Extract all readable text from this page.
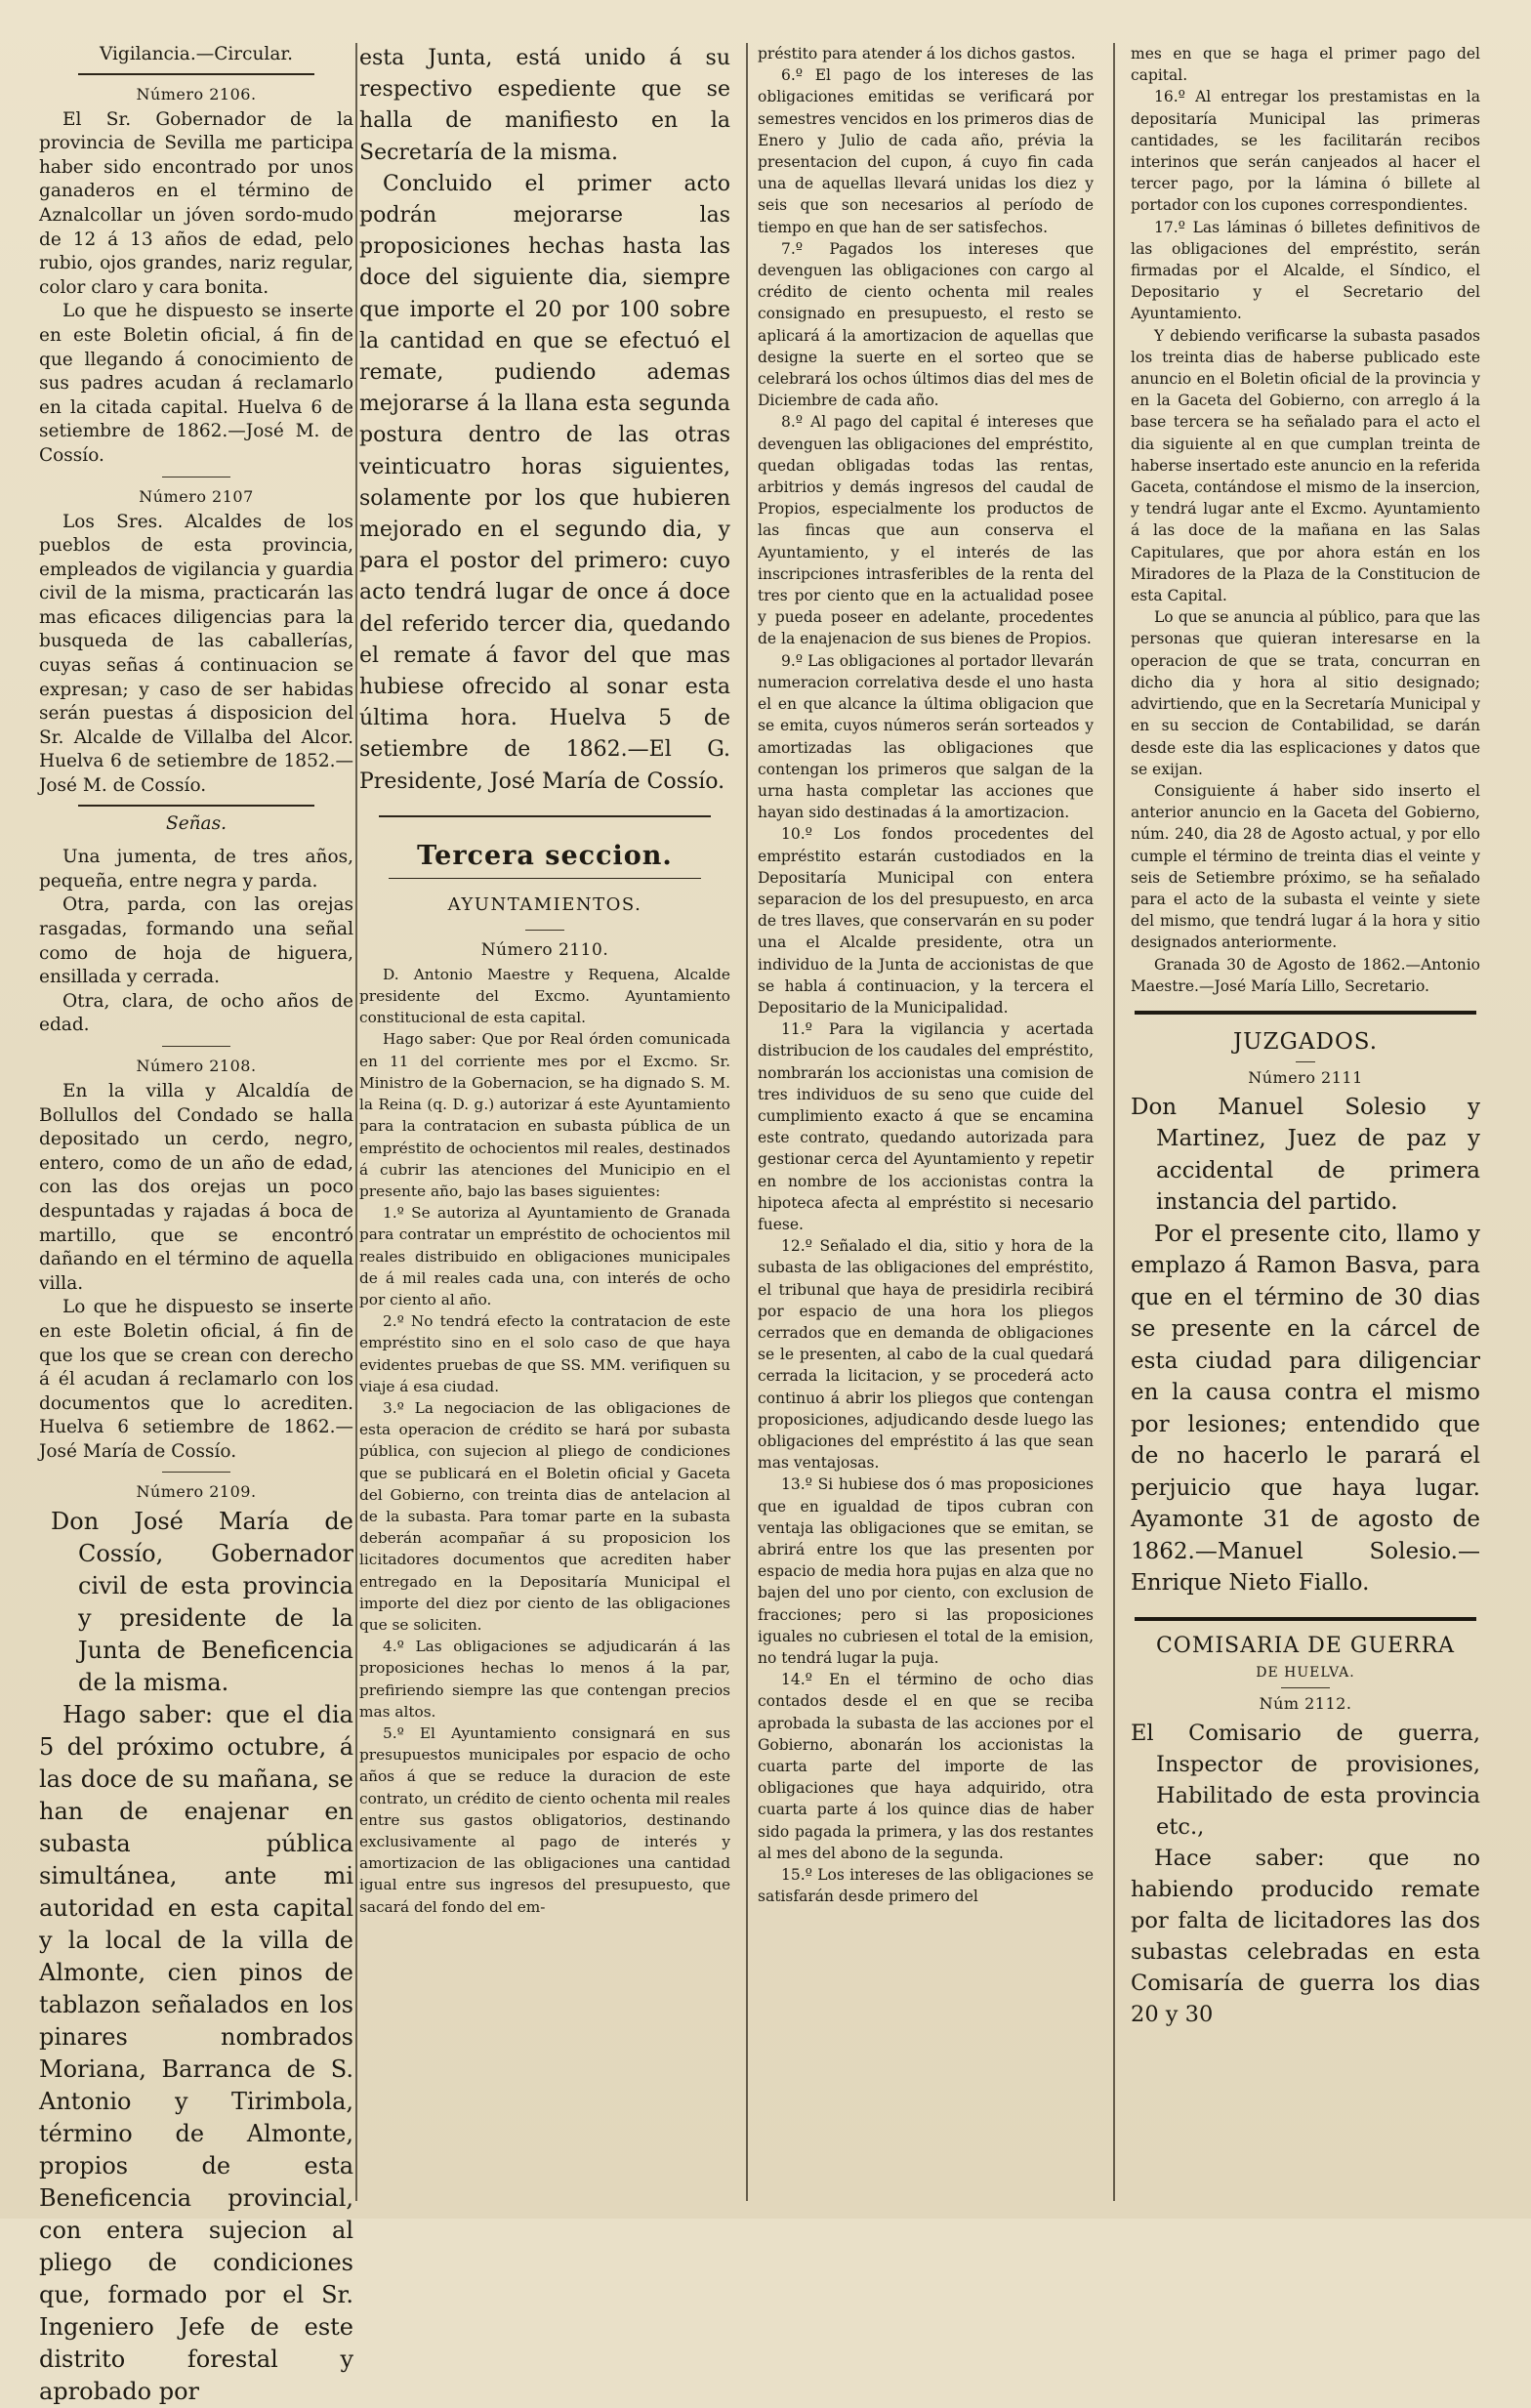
Vigilancia.—Circular.

Número 2106.

El Sr. Gobernador de la provincia de Sevilla me participa haber sido encontrado por unos ganaderos en el término de Aznalcollar un jóven sordo-mudo de 12 á 13 años de edad, pelo rubio, ojos grandes, nariz regular, color claro y cara bonita.

Lo que he dispuesto se inserte en este Boletin oficial, á fin de que llegando á conocimiento de sus padres acudan á reclamarlo en la citada capital. Huelva 6 de setiembre de 1862.—José M. de Cossío.

Número 2107

Los Sres. Alcaldes de los pueblos de esta provincia, empleados de vigilancia y guardia civil de la misma, practicarán las mas eficaces diligencias para la busqueda de las caballerías, cuyas señas á continuacion se expresan; y caso de ser habidas serán puestas á disposicion del Sr. Alcalde de Villalba del Alcor. Huelva 6 de setiembre de 1852.—José M. de Cossío.

Señas.

Una jumenta, de tres años, pequeña, entre negra y parda.

Otra, parda, con las orejas rasgadas, formando una señal como de hoja de higuera, ensillada y cerrada.

Otra, clara, de ocho años de edad.

Número 2108.

En la villa y Alcaldía de Bollullos del Condado se halla depositado un cerdo, negro, entero, como de un año de edad, con las dos orejas un poco despuntadas y rajadas á boca de martillo, que se encontró dañando en el término de aquella villa.

Lo que he dispuesto se inserte en este Boletin oficial, á fin de que los que se crean con derecho á él acudan á reclamarlo con los documentos que lo acrediten. Huelva 6 setiembre de 1862.—José María de Cossío.

Número 2109.

Don José María de Cossío, Gobernador civil de esta provincia y presidente de la Junta de Beneficencia de la misma.

Hago saber: que el dia 5 del próximo octubre, á las doce de su mañana, se han de enajenar en subasta pública simultánea, ante mi autoridad en esta capital y la local de la villa de Almonte, cien pinos de tablazon señalados en los pinares nombrados Moriana, Barranca de S. Antonio y Tirimbola, término de Almonte, propios de esta Beneficencia provincial, con entera sujecion al pliego de condiciones que, formado por el Sr. Ingeniero Jefe de este distrito forestal y aprobado por

esta Junta, está unido á su respectivo espediente que se halla de manifiesto en la Secretaría de la misma.

Concluido el primer acto podrán mejorarse las proposiciones hechas hasta las doce del siguiente dia, siempre que importe el 20 por 100 sobre la cantidad en que se efectuó el remate, pudiendo ademas mejorarse á la llana esta segunda postura dentro de las otras veinticuatro horas siguientes, solamente por los que hubieren mejorado en el segundo dia, y para el postor del primero: cuyo acto tendrá lugar de once á doce del referido tercer dia, quedando el remate á favor del que mas hubiese ofrecido al sonar esta última hora. Huelva 5 de setiembre de 1862.—El G. Presidente, José María de Cossío.

Tercera seccion.

AYUNTAMIENTOS.

Número 2110.

D. Antonio Maestre y Requena, Alcalde presidente del Excmo. Ayuntamiento constitucional de esta capital.

Hago saber: Que por Real órden comunicada en 11 del corriente mes por el Excmo. Sr. Ministro de la Gobernacion, se ha dignado S. M. la Reina (q. D. g.) autorizar á este Ayuntamiento para la contratacion en subasta pública de un empréstito de ochocientos mil reales, destinados á cubrir las atenciones del Municipio en el presente año, bajo las bases siguientes:

1.º Se autoriza al Ayuntamiento de Granada para contratar un empréstito de ochocientos mil reales distribuido en obligaciones municipales de á mil reales cada una, con interés de ocho por ciento al año.

2.º No tendrá efecto la contratacion de este empréstito sino en el solo caso de que haya evidentes pruebas de que SS. MM. verifiquen su viaje á esa ciudad.

3.º La negociacion de las obligaciones de esta operacion de crédito se hará por subasta pública, con sujecion al pliego de condiciones que se publicará en el Boletin oficial y Gaceta del Gobierno, con treinta dias de antelacion al de la subasta. Para tomar parte en la subasta deberán acompañar á su proposicion los licitadores documentos que acrediten haber entregado en la Depositaría Municipal el importe del diez por ciento de las obligaciones que se soliciten.

4.º Las obligaciones se adjudicarán á las proposiciones hechas lo menos á la par, prefiriendo siempre las que contengan precios mas altos.

5.º El Ayuntamiento consignará en sus presupuestos municipales por espacio de ocho años á que se reduce la duracion de este contrato, un crédito de ciento ochenta mil reales entre sus gastos obligatorios, destinando exclusivamente al pago de interés y amortizacion de las obligaciones una cantidad igual entre sus ingresos del presupuesto, que sacará del fondo del em-

préstito para atender á los dichos gastos.

6.º El pago de los intereses de las obligaciones emitidas se verificará por semestres vencidos en los primeros dias de Enero y Julio de cada año, prévia la presentacion del cupon, á cuyo fin cada una de aquellas llevará unidas los diez y seis que son necesarios al período de tiempo en que han de ser satisfechos.

7.º Pagados los intereses que devenguen las obligaciones con cargo al crédito de ciento ochenta mil reales consignado en presupuesto, el resto se aplicará á la amortizacion de aquellas que designe la suerte en el sorteo que se celebrará los ochos últimos dias del mes de Diciembre de cada año.

8.º Al pago del capital é intereses que devenguen las obligaciones del empréstito, quedan obligadas todas las rentas, arbitrios y demás ingresos del caudal de Propios, especialmente los productos de las fincas que aun conserva el Ayuntamiento, y el interés de las inscripciones intrasferibles de la renta del tres por ciento que en la actualidad posee y pueda poseer en adelante, procedentes de la enajenacion de sus bienes de Propios.

9.º Las obligaciones al portador llevarán numeracion correlativa desde el uno hasta el en que alcance la última obligacion que se emita, cuyos números serán sorteados y amortizadas las obligaciones que contengan los primeros que salgan de la urna hasta completar las acciones que hayan sido destinadas á la amortizacion.

10.º Los fondos procedentes del empréstito estarán custodiados en la Depositaría Municipal con entera separacion de los del presupuesto, en arca de tres llaves, que conservarán en su poder una el Alcalde presidente, otra un individuo de la Junta de accionistas de que se habla á continuacion, y la tercera el Depositario de la Municipalidad.

11.º Para la vigilancia y acertada distribucion de los caudales del empréstito, nombrarán los accionistas una comision de tres individuos de su seno que cuide del cumplimiento exacto á que se encamina este contrato, quedando autorizada para gestionar cerca del Ayuntamiento y repetir en nombre de los accionistas contra la hipoteca afecta al empréstito si necesario fuese.

12.º Señalado el dia, sitio y hora de la subasta de las obligaciones del empréstito, el tribunal que haya de presidirla recibirá por espacio de una hora los pliegos cerrados que en demanda de obligaciones se le presenten, al cabo de la cual quedará cerrada la licitacion, y se procederá acto continuo á abrir los pliegos que contengan proposiciones, adjudicando desde luego las obligaciones del empréstito á las que sean mas ventajosas.

13.º Si hubiese dos ó mas proposiciones que en igualdad de tipos cubran con ventaja las obligaciones que se emitan, se abrirá entre los que las presenten por espacio de media hora pujas en alza que no bajen del uno por ciento, con exclusion de fracciones; pero si las proposiciones iguales no cubriesen el total de la emision, no tendrá lugar la puja.

14.º En el término de ocho dias contados desde el en que se reciba aprobada la subasta de las acciones por el Gobierno, abonarán los accionistas la cuarta parte del importe de las obligaciones que haya adquirido, otra cuarta parte á los quince dias de haber sido pagada la primera, y las dos restantes al mes del abono de la segunda.

15.º Los intereses de las obligaciones se satisfarán desde primero del

mes en que se haga el primer pago del capital.

16.º Al entregar los prestamistas en la depositaría Municipal las primeras cantidades, se les facilitarán recibos interinos que serán canjeados al hacer el tercer pago, por la lámina ó billete al portador con los cupones correspondientes.

17.º Las láminas ó billetes definitivos de las obligaciones del empréstito, serán firmadas por el Alcalde, el Síndico, el Depositario y el Secretario del Ayuntamiento.

Y debiendo verificarse la subasta pasados los treinta dias de haberse publicado este anuncio en el Boletin oficial de la provincia y en la Gaceta del Gobierno, con arreglo á la base tercera se ha señalado para el acto el dia siguiente al en que cumplan treinta de haberse insertado este anuncio en la referida Gaceta, contándose el mismo de la insercion, y tendrá lugar ante el Excmo. Ayuntamiento á las doce de la mañana en las Salas Capitulares, que por ahora están en los Miradores de la Plaza de la Constitucion de esta Capital.

Lo que se anuncia al público, para que las personas que quieran interesarse en la operacion de que se trata, concurran en dicho dia y hora al sitio designado; advirtiendo, que en la Secretaría Municipal y en su seccion de Contabilidad, se darán desde este dia las esplicaciones y datos que se exijan.

Consiguiente á haber sido inserto el anterior anuncio en la Gaceta del Gobierno, núm. 240, dia 28 de Agosto actual, y por ello cumple el término de treinta dias el veinte y seis de Setiembre próximo, se ha señalado para el acto de la subasta el veinte y siete del mismo, que tendrá lugar á la hora y sitio designados anteriormente.

Granada 30 de Agosto de 1862.—Antonio Maestre.—José María Lillo, Secretario.

JUZGADOS.

Número 2111

Don Manuel Solesio y Martinez, Juez de paz y accidental de primera instancia del partido.

Por el presente cito, llamo y emplazo á Ramon Basva, para que en el término de 30 dias se presente en la cárcel de esta ciudad para diligenciar en la causa contra el mismo por lesiones; entendido que de no hacerlo le parará el perjuicio que haya lugar. Ayamonte 31 de agosto de 1862.—Manuel Solesio.—Enrique Nieto Fiallo.

COMISARIA DE GUERRA

DE HUELVA.

Núm 2112.

El Comisario de guerra, Inspector de provisiones, Habilitado de esta provincia etc.,

Hace saber: que no habiendo producido remate por falta de licitadores las dos subastas celebradas en esta Comisaría de guerra los dias 20 y 30
